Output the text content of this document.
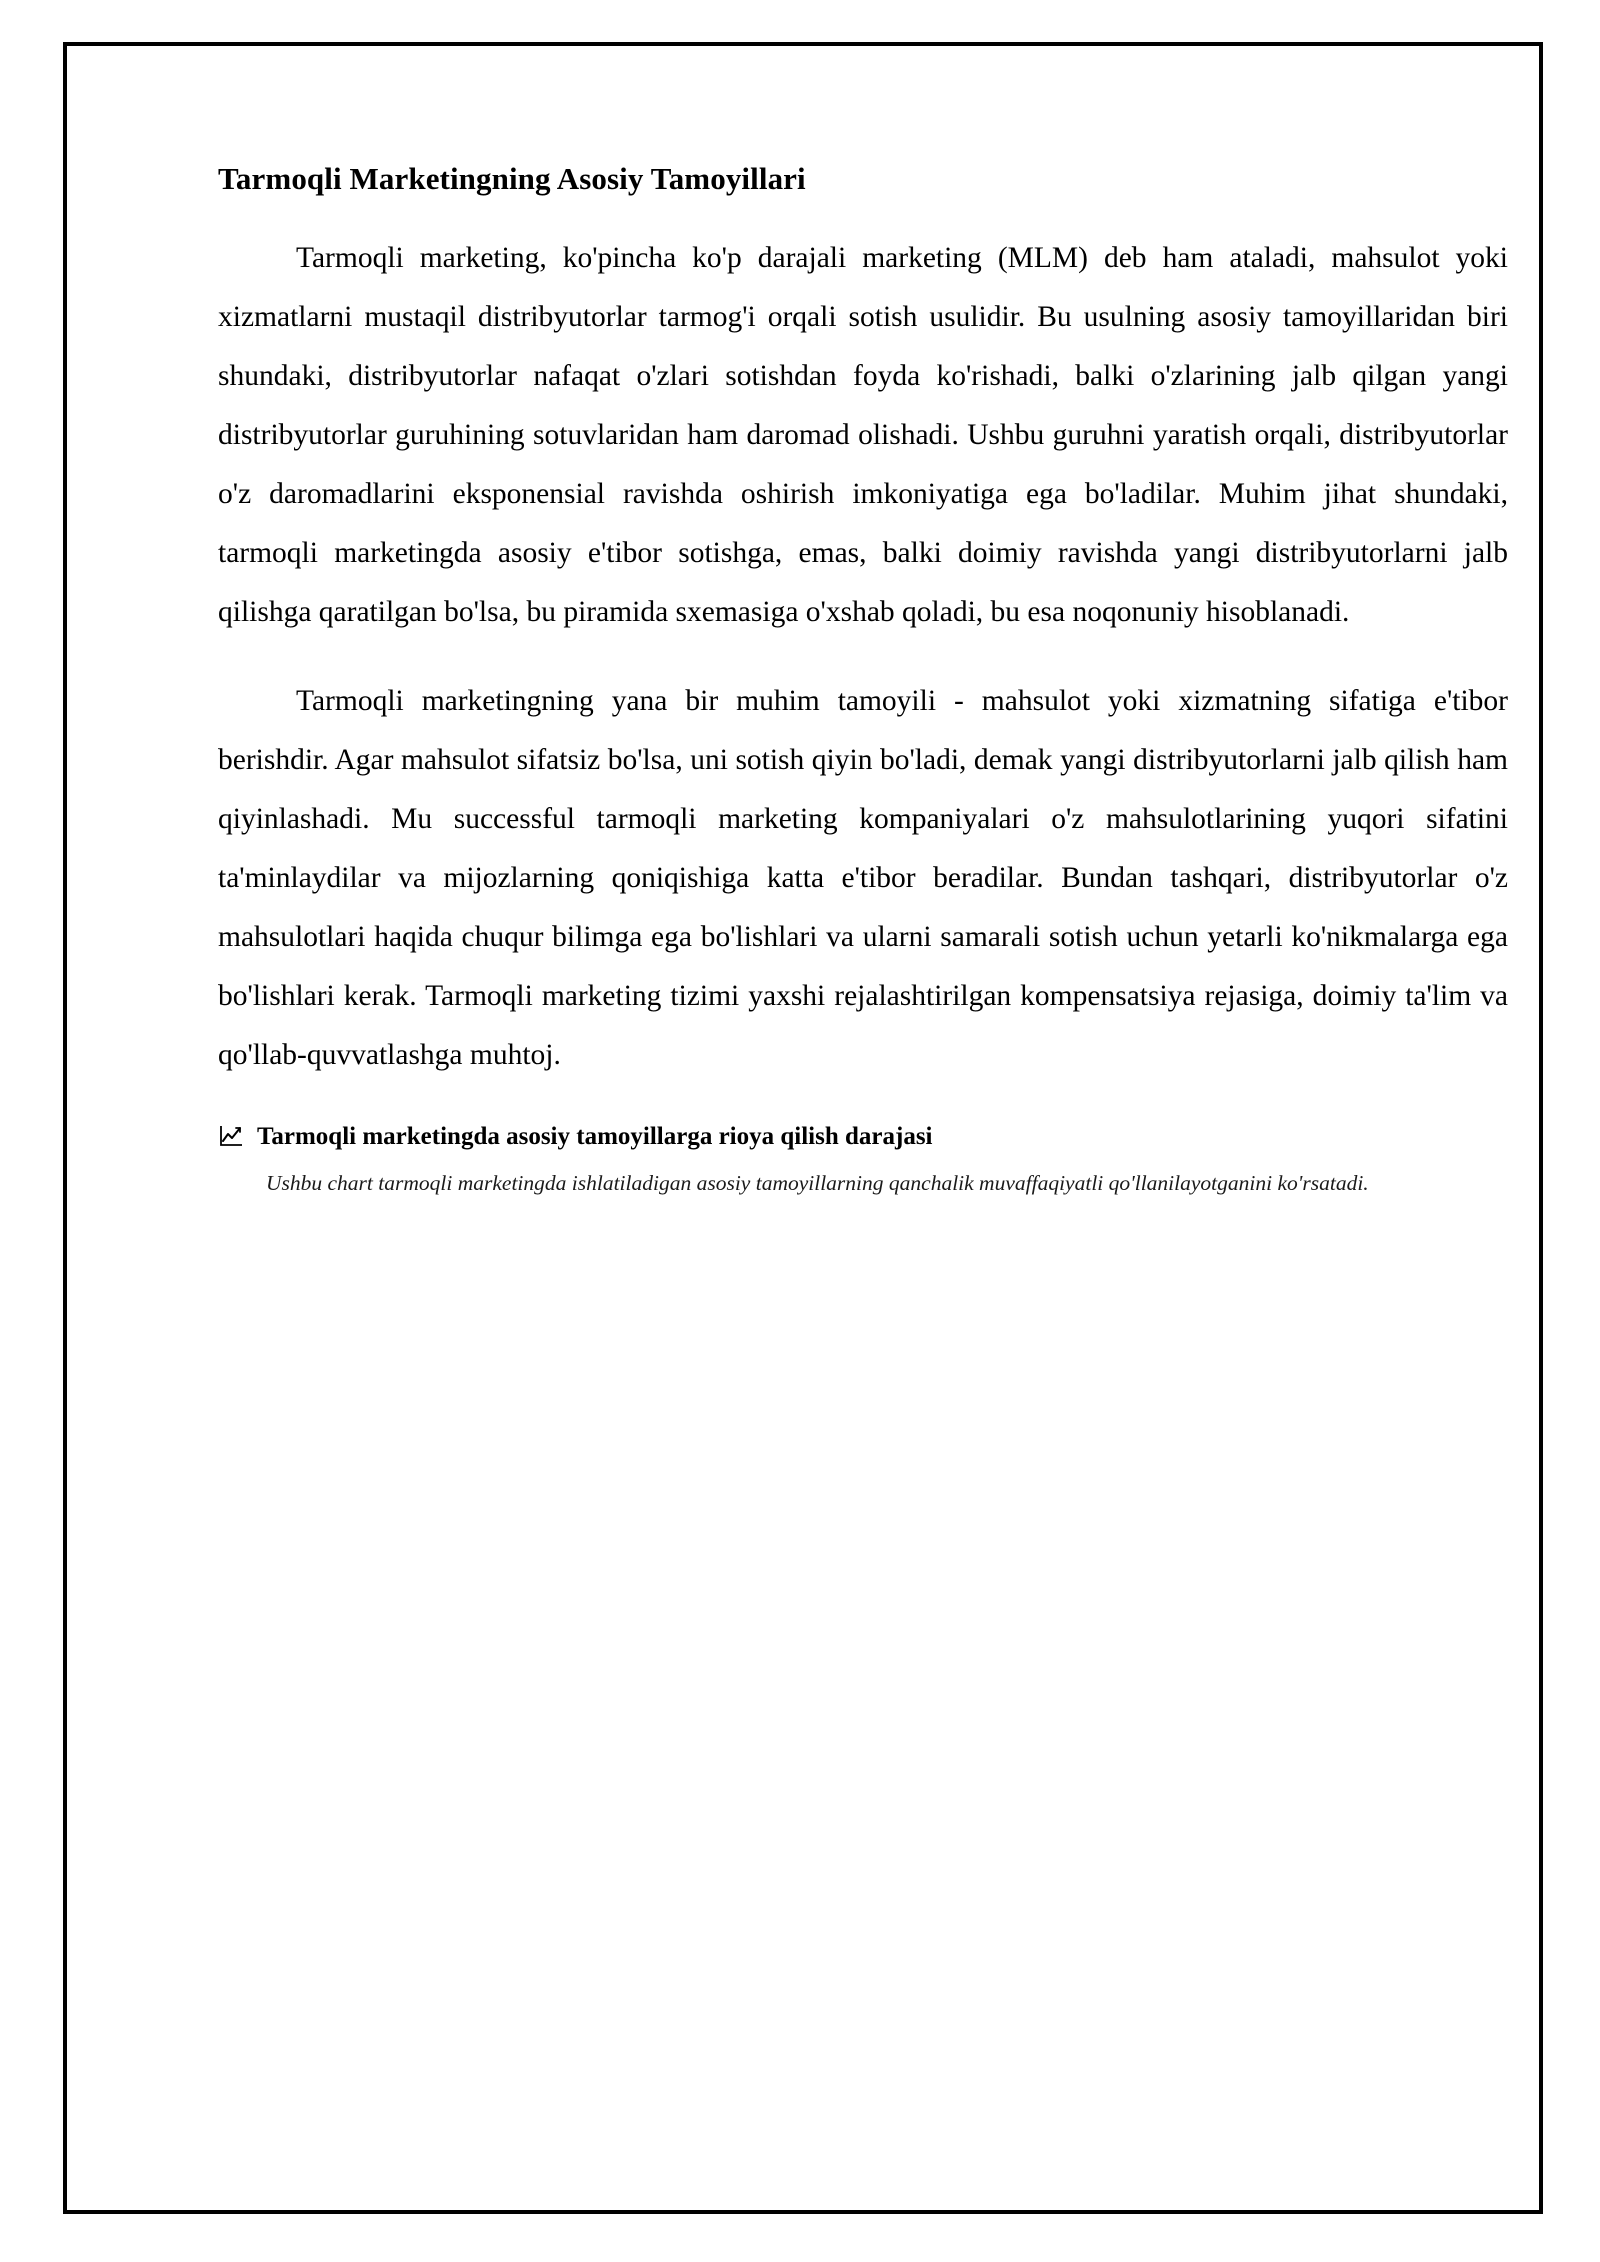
Tarmoqli Marketingning Asosiy Tamoyillari

Tarmoqli marketing, ko'pincha ko'p darajali marketing (MLM) deb ham ataladi, mahsulot yoki xizmatlarni mustaqil distribyutorlar tarmog'i orqali sotish usulidir. Bu usulning asosiy tamoyillaridan biri shundaki, distribyutorlar nafaqat o'zlari sotishdan foyda ko'rishadi, balki o'zlarining jalb qilgan yangi distribyutorlar guruhining sotuvlaridan ham daromad olishadi. Ushbu guruhni yaratish orqali, distribyutorlar o'z daromadlarini eksponensial ravishda oshirish imkoniyatiga ega bo'ladilar. Muhim jihat shundaki, tarmoqli marketingda asosiy e'tibor sotishga, emas, balki doimiy ravishda yangi distribyutorlarni jalb qilishga qaratilgan bo'lsa, bu piramida sxemasiga o'xshab qoladi, bu esa noqonuniy hisoblanadi.

Tarmoqli marketingning yana bir muhim tamoyili - mahsulot yoki xizmatning sifatiga e'tibor berishdir. Agar mahsulot sifatsiz bo'lsa, uni sotish qiyin bo'ladi, demak yangi distribyutorlarni jalb qilish ham qiyinlashadi. Mu successful tarmoqli marketing kompaniyalari o'z mahsulotlarining yuqori sifatini ta'minlaydilar va mijozlarning qoniqishiga katta e'tibor beradilar. Bundan tashqari, distribyutorlar o'z mahsulotlari haqida chuqur bilimga ega bo'lishlari va ularni samarali sotish uchun yetarli ko'nikmalarga ega bo'lishlari kerak. Tarmoqli marketing tizimi yaxshi rejalashtirilgan kompensatsiya rejasiga, doimiy ta'lim va qo'llab-quvvatlashga muhtoj.

Tarmoqli marketingda asosiy tamoyillarga rioya qilish darajasi
Ushbu chart tarmoqli marketingda ishlatiladigan asosiy tamoyillarning qanchalik muvaffaqiyatli qo'llanilayotganini ko'rsatadi.
